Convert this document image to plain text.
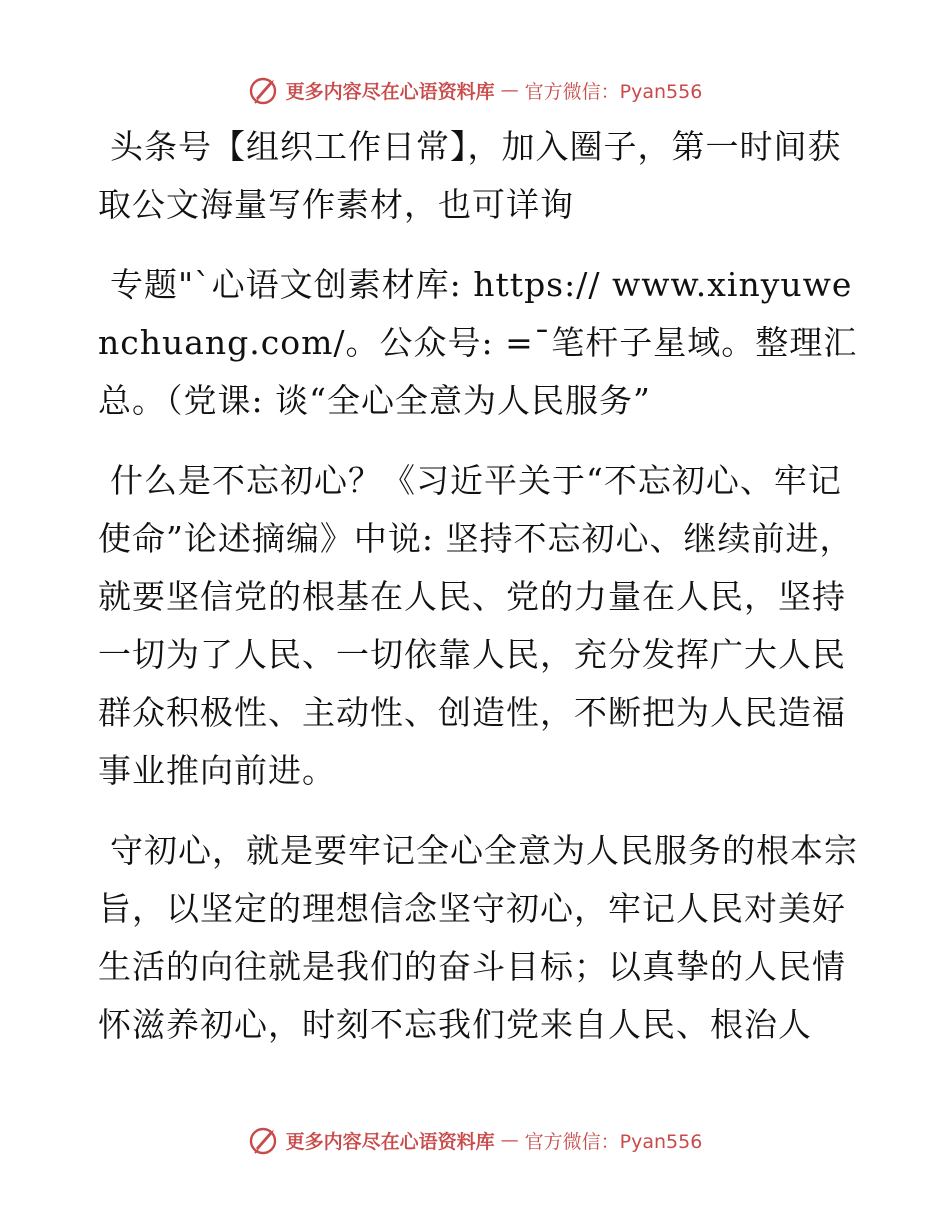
更多内容尽在心语资料库 — 官方微信：Pyan556

头条号【组织工作日常】，加入圈子，第一时间获取公文海量写作素材，也可详询

专题"`心语文创素材库: https:// www.xinyuwenchuang.com/。公众号: =¯笔杆子星域。整理汇总。（党课: 谈“全心全意为人民服务”

什么是不忘初心？《习近平关于“不忘初心、牢记使命”论述摘编》中说: 坚持不忘初心、继续前进，就要坚信党的根基在人民、党的力量在人民，坚持一切为了人民、一切依靠人民，充分发挥广大人民群众积极性、主动性、创造性，不断把为人民造福事业推向前进。

守初心，就是要牢记全心全意为人民服务的根本宗旨，以坚定的理想信念坚守初心，牢记人民对美好生活的向往就是我们的奋斗目标；以真挚的人民情怀滋养初心，时刻不忘我们党来自人民、根治人

更多内容尽在心语资料库 — 官方微信：Pyan556
